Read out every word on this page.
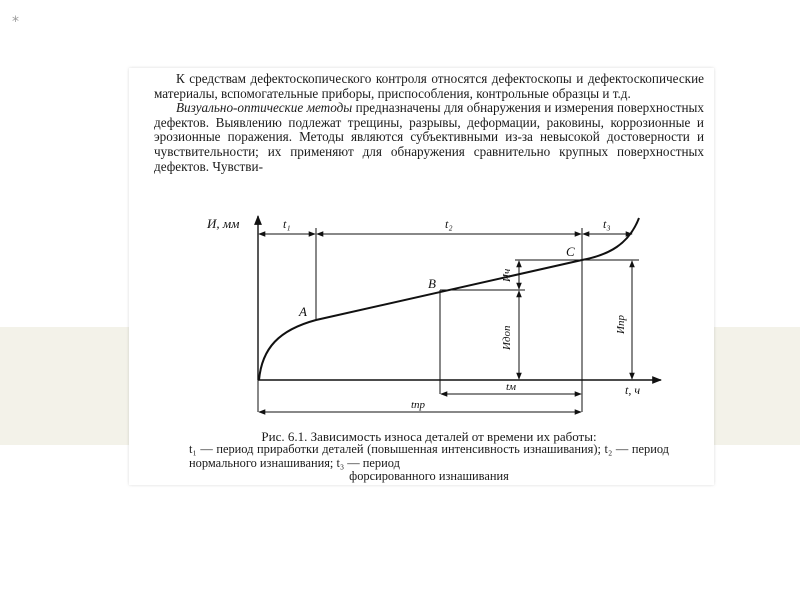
*

К средствам дефектоскопического контроля относятся дефектоскопы и дефектоскопические материалы, вспомогательные приборы, приспособления, контрольные образцы и т.д.

Визуально-оптические методы предназначены для обнаружения и измерения поверхностных дефектов. Выявлению подлежат трещины, разрывы, деформации, раковины, коррозионные и эрозионные поражения. Методы являются субъективными из-за невысокой достоверности и чувствительности; их применяют для обнаружения сравнительно крупных поверхностных дефектов. Чувстви-

И, мм	t₁	t₂	t₃
A
B
C
t, ч
tм
tпр
Ич
Идоп
Ипр

Рис. 6.1. Зависимость износа деталей от времени их работы:

t₁ — период приработки деталей (повышенная интенсивность изнашивания); t₂ — период нормального изнашивания; t₃ — период

форсированного изнашивания
